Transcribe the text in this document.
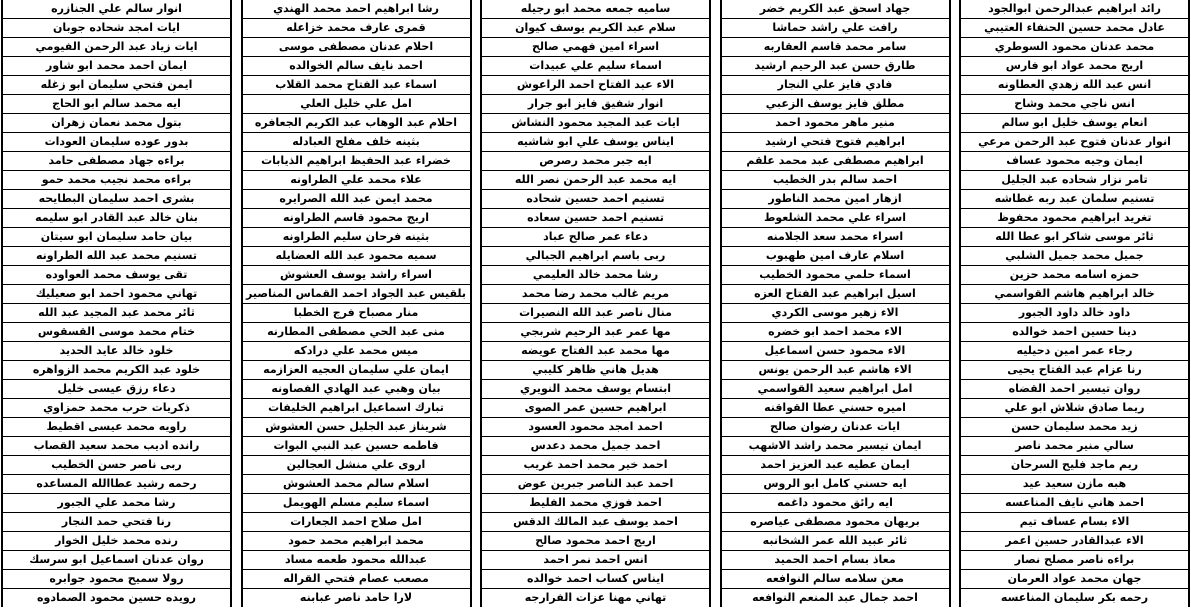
رائد ابراهيم عبدالرحمن ابوالجود
عادل محمد حسين الحنفاء العتيبي
محمد عدنان محمود السوطري
اريج محمد عواد ابو فارس
انس عبد الله زهدي العطاونه
انس ناجي محمد وشاح
انعام يوسف خليل ابو سالم
انوار عدنان فتوح عبد الرحمن مرعي
ايمان وجيه محمود عساف
تامر نزار شحاده عبد الجليل
تسنيم سلمان عبد ربه غطاشه
تغريد ابراهيم محمود محفوظ
ثائر موسى شاكر ابو عطا الله
جميل محمد جميل الشلبي
حمزه اسامه محمد حزين
خالد ابراهيم هاشم القواسمي
داود خالد داود الجبور
دينا حسين احمد خوالده
رجاء عمر امين دحيليه
رنا عزام عبد الفتاح يحيى
روان تيسير احمد القضاه
ريما صادق شلاش ابو علي
زيد محمد سليمان حسن
سالي منير محمد ناصر
ريم ماجد فليح السرحان
هبه مازن سعيد عيد
احمد هاني نايف المناعسه
الاء بسام عساف تيم
الاء عبدالقادر حسين اعمر
براءه ناصر مصلح نصار
جهان محمد عواد العرمان
رحمه بكر سليمان المناعسه
جهاد اسحق عبد الكريم خضر
رافت علي راشد حماشا
سامر محمد قاسم العقاربه
طارق حسن عبد الرحيم ارشيد
فادي فايز علي النجار
مطلق فايز يوسف الزعبي
منير ماهر محمود احمد
ابراهيم فتوح فتحي ارشيد
ابراهيم مصطفى عبد محمد علقم
احمد سالم بدر الخطيب
ازهار امين محمد الناطور
اسراء علي محمد الشلعوط
اسراء محمد سعد الجلامنه
اسلام عارف امين طهبوب
اسماء حلمي محمود الخطيب
اسيل ابراهيم عبد الفتاح العزه
الاء زهير موسى الكردي
الاء محمد احمد ابو خضره
الاء محمود حسن اسماعيل
الاء هاشم عبد الرحمن يونس
امل ابراهيم سعيد القواسمي
اميره حسني عطا القواقنه
ايات عدنان رضوان صالح
ايمان تيسير محمد راشد الاشهب
ايمان عطيه عبد العزيز احمد
ايه حسني كامل ابو الروس
ايه رائق محمود داغمه
بريهان محمود مصطفى عياصره
ثائر عبيد الله عمر الشخانبه
معاذ بسام احمد الحميد
معن سلامه سالم النوافعه
احمد جمال عبد المنعم النوافعه
ساميه جمعه محمد ابو رجيله
سلام عبد الكريم يوسف كيوان
اسراء امين فهمي صالح
اسماء سليم علي عبيدات
الاء عبد الفتاح احمد الراعوش
انوار شفيق فايز ابو جرار
ايات عبد المجيد محمود النشاش
ايناس يوسف علي ابو شاشيه
ايه جبر محمد رصرص
ايه محمد عبد الرحمن نصر الله
تسنيم احمد حسين شحاده
تسنيم احمد حسين سعاده
دعاء عمر صالح عباد
ربى باسم ابراهيم الجبالي
رشا محمد خالد العليمي
مريم غالب محمد رضا محمد
منال ناصر عبد الله النصيرات
مها عمر عبد الرحيم شربجي
مها محمد عبد الفتاح عويضه
هديل هاني ظاهر كليبي
ابتسام يوسف محمد النويري
ابراهيم حسين عمر الصوى
احمد امجد محمود العسود
احمد جميل محمد دعدس
احمد خير محمد احمد غريب
احمد عبد الناصر جبرين عوض
احمد فوزي محمد الفليط
احمد يوسف عبد المالك الدقس
اريج احمد محمود صالح
انس احمد نمر احمد
ايناس كساب احمد خوالده
تهاني مهنا عزات الفرارجه
رشا ابراهيم احمد محمد الهندي
قمرى عارف محمد خزاعله
احلام عدنان مصطفى موسى
احمد نايف سالم الخوالده
اسماء عبد الفتاح محمد القلاب
امل علي خليل العلي
احلام عبد الوهاب عبد الكريم الجعافره
بثينه خلف مفلح العبادله
خضراء عبد الحفيظ ابراهيم الذيابات
علاء محمد علي الطراونه
محمد ايمن عبد الله الصرايره
اريج محمود قاسم الطراونه
بثينه فرحان سليم الطراونه
سميه محمود عبد الله العضايله
اسراء راشد يوسف العشوش
بلقيس عبد الجواد احمد القماس المناصير
منار مصباح فرج الخطبا
منى عبد الحي مصطفى المطارنه
ميس محمد علي درادكه
ايمان علي سليمان العجيه العزازمه
بيان وهبي عبد الهادي الفصاونه
تبارك اسماعيل ابراهيم الخليفات
شريناز عبد الجليل حسن العشوش
فاطمه حسين عبد النبي البوات
اروى علي منشل العجالين
اسلام سالم محمد العشوش
اسماء سليم مسلم الهويمل
امل صلاح احمد الجعارات
محمد ابراهيم محمد حمود
عبدالله محمود طعمه مساد
مصعب عصام فتحي القراله
لارا حامد ناصر عبابنه
انوار سالم علي الجنازره
ايات امجد شحاده جوبان
ايات زياد عبد الرحمن الفيومي
ايمان احمد محمد ابو شاور
ايمن فتحي سليمان ابو زغله
ايه محمد سالم ابو الحاج
بتول محمد نعمان زهران
بدور عوده سليمان العودات
براءه جهاد مصطفى حامد
براءه محمد نجيب محمد حمو
بشرى احمد سليمان البطايحه
بنان خالد عبد القادر ابو سليمه
بيان حامد سليمان ابو سيتان
تسنيم محمد عبد الله الطراونه
تقى يوسف محمد العواوده
تهاني محمود احمد ابو صعيليك
ثائر محمد عبد المجيد عبد الله
ختام محمد موسى القسقوس
خلود خالد عايد الحديد
خلود عبد الكريم محمد الزواهره
دعاء رزق عيسى خليل
ذكريات حرب محمد حمزاوي
راويه محمد عيسى اقطيط
رانده اديب محمد سعيد القصاب
ربى ناصر حسن الخطيب
رحمه رشيد عطاالله المساعده
رشا محمد علي الجبور
رنا فتحي حمد النجار
رنده محمد خليل الخوار
روان عدنان اسماعيل ابو سرسك
رولا سميح محمود جوابره
رويده حسين محمود الصمادوه
